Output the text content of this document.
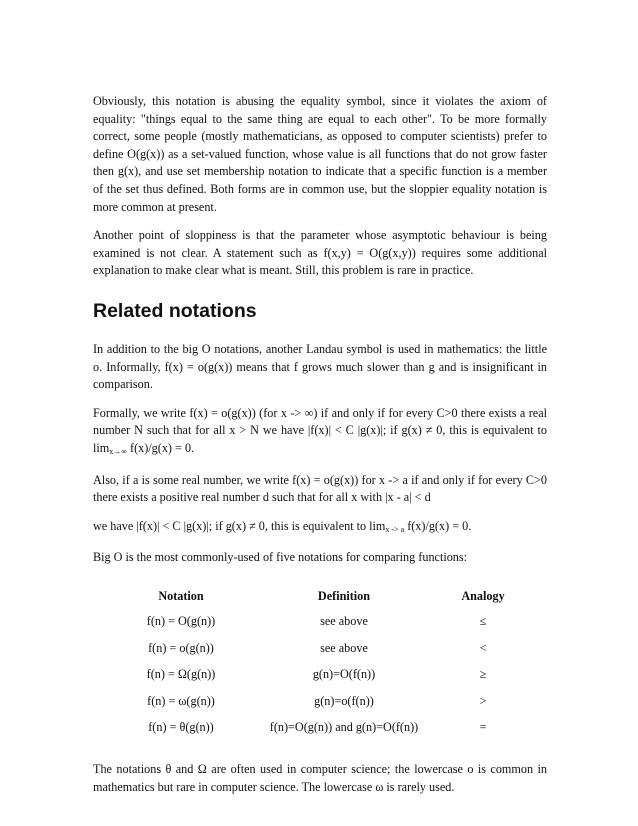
Obviously, this notation is abusing the equality symbol, since it violates the axiom of equality: "things equal to the same thing are equal to each other". To be more formally correct, some people (mostly mathematicians, as opposed to computer scientists) prefer to define O(g(x)) as a set-valued function, whose value is all functions that do not grow faster then g(x), and use set membership notation to indicate that a specific function is a member of the set thus defined. Both forms are in common use, but the sloppier equality notation is more common at present.

Another point of sloppiness is that the parameter whose asymptotic behaviour is being examined is not clear. A statement such as f(x,y) = O(g(x,y)) requires some additional explanation to make clear what is meant. Still, this problem is rare in practice.

Related notations

In addition to the big O notations, another Landau symbol is used in mathematics: the little o. Informally, f(x) = o(g(x)) means that f grows much slower than g and is insignificant in comparison.

Formally, we write f(x) = o(g(x)) (for x -> ∞) if and only if for every C>0 there exists a real number N such that for all x > N we have |f(x)| < C |g(x)|; if g(x) ≠ 0, this is equivalent to $\lim_{x\to\infty} f(x)/g(x) = 0$.

Also, if a is some real number, we write f(x) = o(g(x)) for x -> a if and only if for every C>0 there exists a positive real number d such that for all x with |x - a| < d

we have |f(x)| < C |g(x)|; if g(x) ≠ 0, this is equivalent to $\lim_{x -> a} f(x)/g(x) = 0$.

Big O is the most commonly-used of five notations for comparing functions:

Notation	Definition	Analogy
f(n) = O(g(n))	see above	≤
f(n) = o(g(n))	see above	<
f(n) = Ω(g(n))	g(n)=O(f(n))	≥
f(n) = ω(g(n))	g(n)=o(f(n))	>
f(n) = θ(g(n))	f(n)=O(g(n)) and g(n)=O(f(n))	=

The notations θ and Ω are often used in computer science; the lowercase o is common in mathematics but rare in computer science. The lowercase ω is rarely used.
